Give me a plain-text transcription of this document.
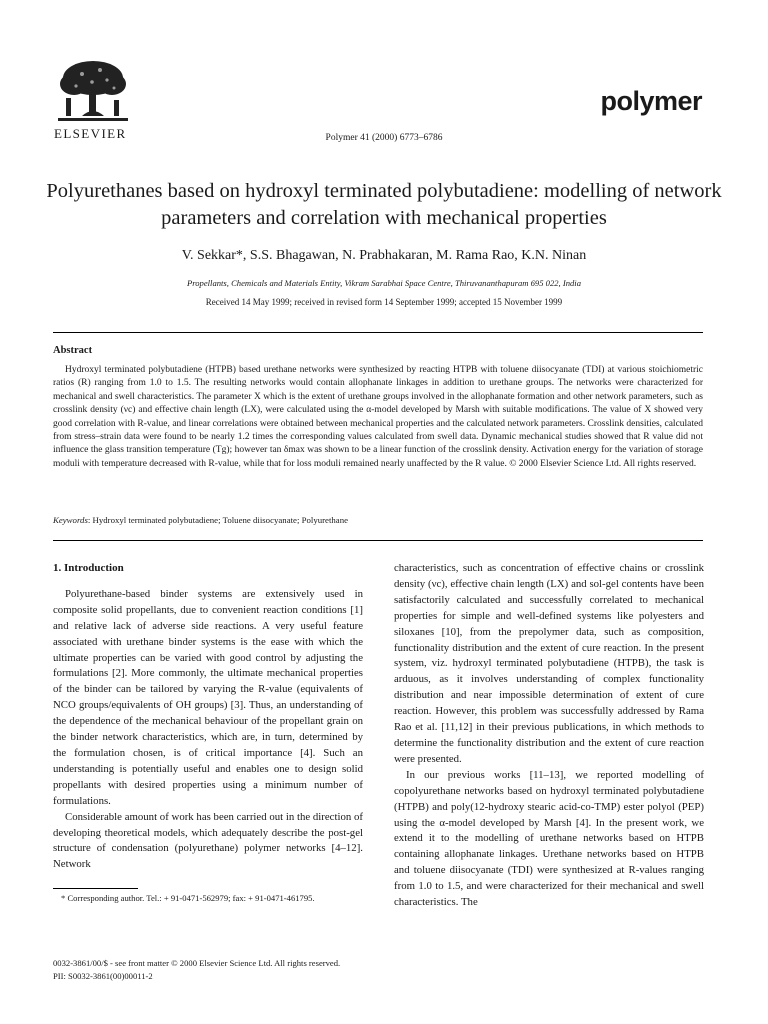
ELSEVIER	Polymer 41 (2000) 6773–6786
polymer
Polyurethanes based on hydroxyl terminated polybutadiene: modelling of network parameters and correlation with mechanical properties
V. Sekkar*, S.S. Bhagawan, N. Prabhakaran, M. Rama Rao, K.N. Ninan
Propellants, Chemicals and Materials Entity, Vikram Sarabhai Space Centre, Thiruvananthapuram 695 022, India
Received 14 May 1999; received in revised form 14 September 1999; accepted 15 November 1999
Abstract
Hydroxyl terminated polybutadiene (HTPB) based urethane networks were synthesized by reacting HTPB with toluene diisocyanate (TDI) at various stoichiometric ratios (R) ranging from 1.0 to 1.5. The resulting networks would contain allophanate linkages in addition to urethane groups. The networks were characterized for mechanical and swell characteristics. The parameter X which is the extent of urethane groups involved in the allophanate formation and other network parameters, such as crosslink density (νc) and effective chain length (LX), were calculated using the α-model developed by Marsh with suitable modifications. The value of X showed very good correlation with R-value, and linear correlations were obtained between mechanical properties and the calculated network parameters. Crosslink densities, calculated from stress–strain data were found to be nearly 1.2 times the corresponding values calculated from swell data. Dynamic mechanical studies showed that R value did not influence the glass transition temperature (Tg); however tan δmax was shown to be a linear function of the crosslink density. Activation energy for the variation of storage moduli with temperature decreased with R-value, while that for loss moduli remained nearly unaffected by the R value. © 2000 Elsevier Science Ltd. All rights reserved.
Keywords: Hydroxyl terminated polybutadiene; Toluene diisocyanate; Polyurethane
1. Introduction

Polyurethane-based binder systems are extensively used in composite solid propellants, due to convenient reaction conditions [1] and relative lack of adverse side reactions. A very useful feature associated with urethane binder systems is the ease with which the ultimate properties can be varied with good control by adjusting the formulations [2]. More commonly, the ultimate mechanical properties of the binder can be tailored by varying the R-value (equivalents of NCO groups/equivalents of OH groups) [3]. Thus, an understanding of the dependence of the mechanical behaviour of the propellant grain on the binder network characteristics, which are, in turn, determined by the formulation chosen, is of critical importance [4]. Such an understanding is potentially useful and enables one to design solid propellants with desired properties using a minimum number of formulations.

Considerable amount of work has been carried out in the direction of developing theoretical models, which adequately describe the post-gel structure of condensation (polyurethane) polymer networks [4–12]. Network

characteristics, such as concentration of effective chains or crosslink density (νc), effective chain length (LX) and sol-gel contents have been satisfactorily calculated and successfully correlated to mechanical properties for simple and well-defined systems like polyesters and siloxanes [10], from the prepolymer data, such as composition, functionality distribution and the extent of cure reaction. In the present system, viz. hydroxyl terminated polybutadiene (HTPB), the task is arduous, as it involves understanding of complex functionality distribution and near impossible determination of extent of cure reaction. However, this problem was successfully addressed by Rama Rao et al. [11,12] in their previous publications, in which methods to determine the functionality distribution and the extent of cure reaction were presented.

In our previous works [11–13], we reported modelling of copolyurethane networks based on hydroxyl terminated polybutadiene (HTPB) and poly(12-hydroxy stearic acid-co-TMP) ester polyol (PEP) using the α-model developed by Marsh [4]. In the present work, we extend it to the modelling of urethane networks based on HTPB containing allophanate linkages. Urethane networks based on HTPB and toluene diisocyanate (TDI) were synthesized at R-values ranging from 1.0 to 1.5, and were characterized for their mechanical and swell characteristics. The

* Corresponding author. Tel.: + 91-0471-562979; fax: + 91-0471-461795.
0032-3861/00/$ - see front matter © 2000 Elsevier Science Ltd. All rights reserved.
PII: S0032-3861(00)00011-2
